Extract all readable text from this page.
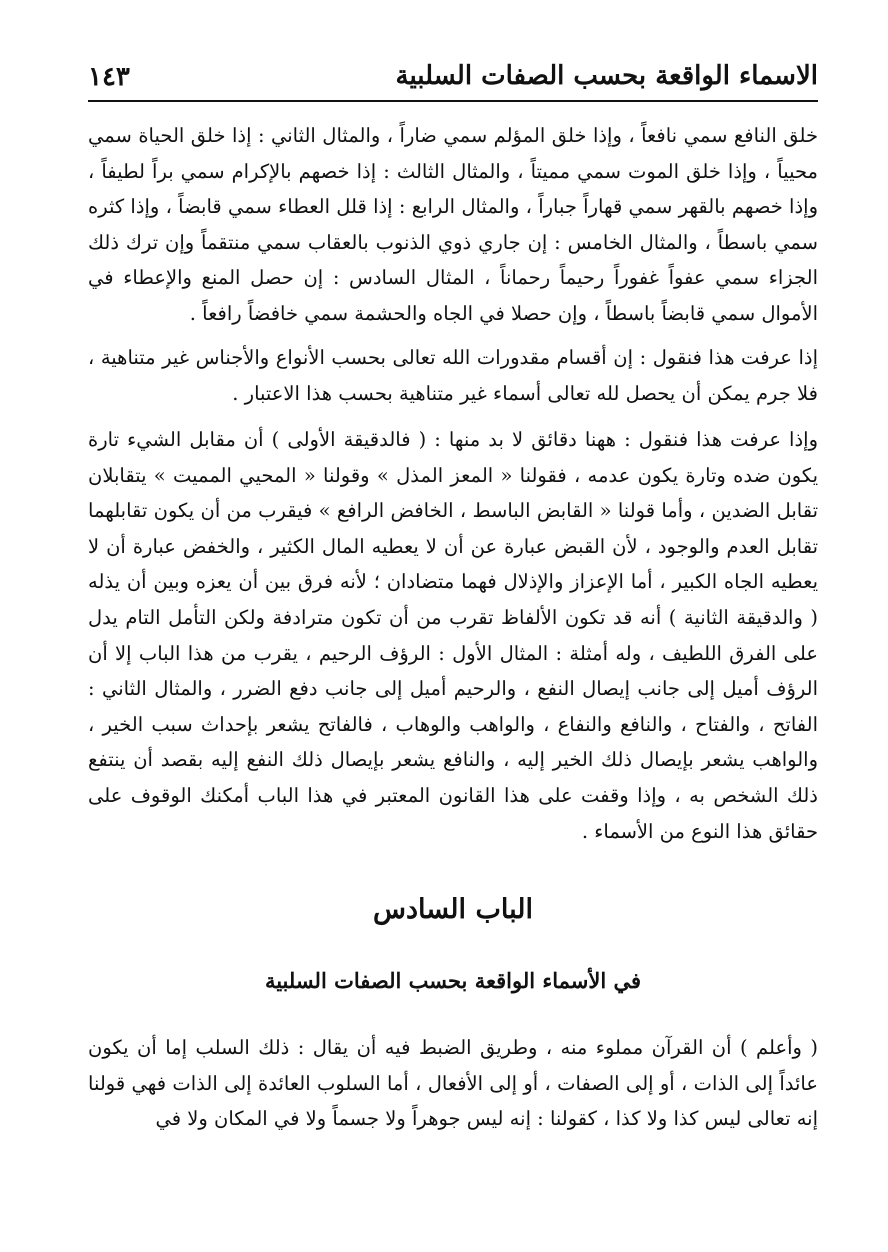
١٤٣	الاسماء الواقعة بحسب الصفات السلبية

خلق النافع سمي نافعاً ، وإذا خلق المؤلم سمي ضاراً ، والمثال الثاني : إذا خلق الحياة سمي محيياً ، وإذا خلق الموت سمي مميتاً ، والمثال الثالث : إذا خصهم بالإكرام سمي براً لطيفاً ، وإذا خصهم بالقهر سمي قهاراً جباراً ، والمثال الرابع : إذا قلل العطاء سمي قابضاً ، وإذا كثره سمي باسطاً ، والمثال الخامس : إن جاري ذوي الذنوب بالعقاب سمي منتقماً وإن ترك ذلك الجزاء سمي عفواً غفوراً رحيماً رحماناً ، المثال السادس : إن حصل المنع والإعطاء في الأموال سمي قابضاً باسطاً ، وإن حصلا في الجاه والحشمة سمي خافضاً رافعاً .

إذا عرفت هذا فنقول : إن أقسام مقدورات الله تعالى بحسب الأنواع والأجناس غير متناهية ، فلا جرم يمكن أن يحصل لله تعالى أسماء غير متناهية بحسب هذا الاعتبار .

وإذا عرفت هذا فنقول : ههنا دقائق لا بد منها : ( فالدقيقة الأولى ) أن مقابل الشيء تارة يكون ضده وتارة يكون عدمه ، فقولنا « المعز المذل » وقولنا « المحيي المميت » يتقابلان تقابل الضدين ، وأما قولنا « القابض الباسط ، الخافض الرافع » فيقرب من أن يكون تقابلهما تقابل العدم والوجود ، لأن القبض عبارة عن أن لا يعطيه المال الكثير ، والخفض عبارة أن لا يعطيه الجاه الكبير ، أما الإعزاز والإذلال فهما متضادان ؛ لأنه فرق بين أن يعزه وبين أن يذله ( والدقيقة الثانية ) أنه قد تكون الألفاظ تقرب من أن تكون مترادفة ولكن التأمل التام يدل على الفرق اللطيف ، وله أمثلة : المثال الأول : الرؤف الرحيم ، يقرب من هذا الباب إلا أن الرؤف أميل إلى جانب إيصال النفع ، والرحيم أميل إلى جانب دفع الضرر ، والمثال الثاني : الفاتح ، والفتاح ، والنافع والنفاع ، والواهب والوهاب ، فالفاتح يشعر بإحداث سبب الخير ، والواهب يشعر بإيصال ذلك الخير إليه ، والنافع يشعر بإيصال ذلك النفع إليه بقصد أن ينتفع ذلك الشخص به ، وإذا وقفت على هذا القانون المعتبر في هذا الباب أمكنك الوقوف على حقائق هذا النوع من الأسماء .

الباب السادس
في الأسماء الواقعة بحسب الصفات السلبية

( وأعلم ) أن القرآن مملوء منه ، وطريق الضبط فيه أن يقال : ذلك السلب إما أن يكون عائداً إلى الذات ، أو إلى الصفات ، أو إلى الأفعال ، أما السلوب العائدة إلى الذات فهي قولنا إنه تعالى ليس كذا ولا كذا ، كقولنا : إنه ليس جوهراً ولا جسماً ولا في المكان ولا في
